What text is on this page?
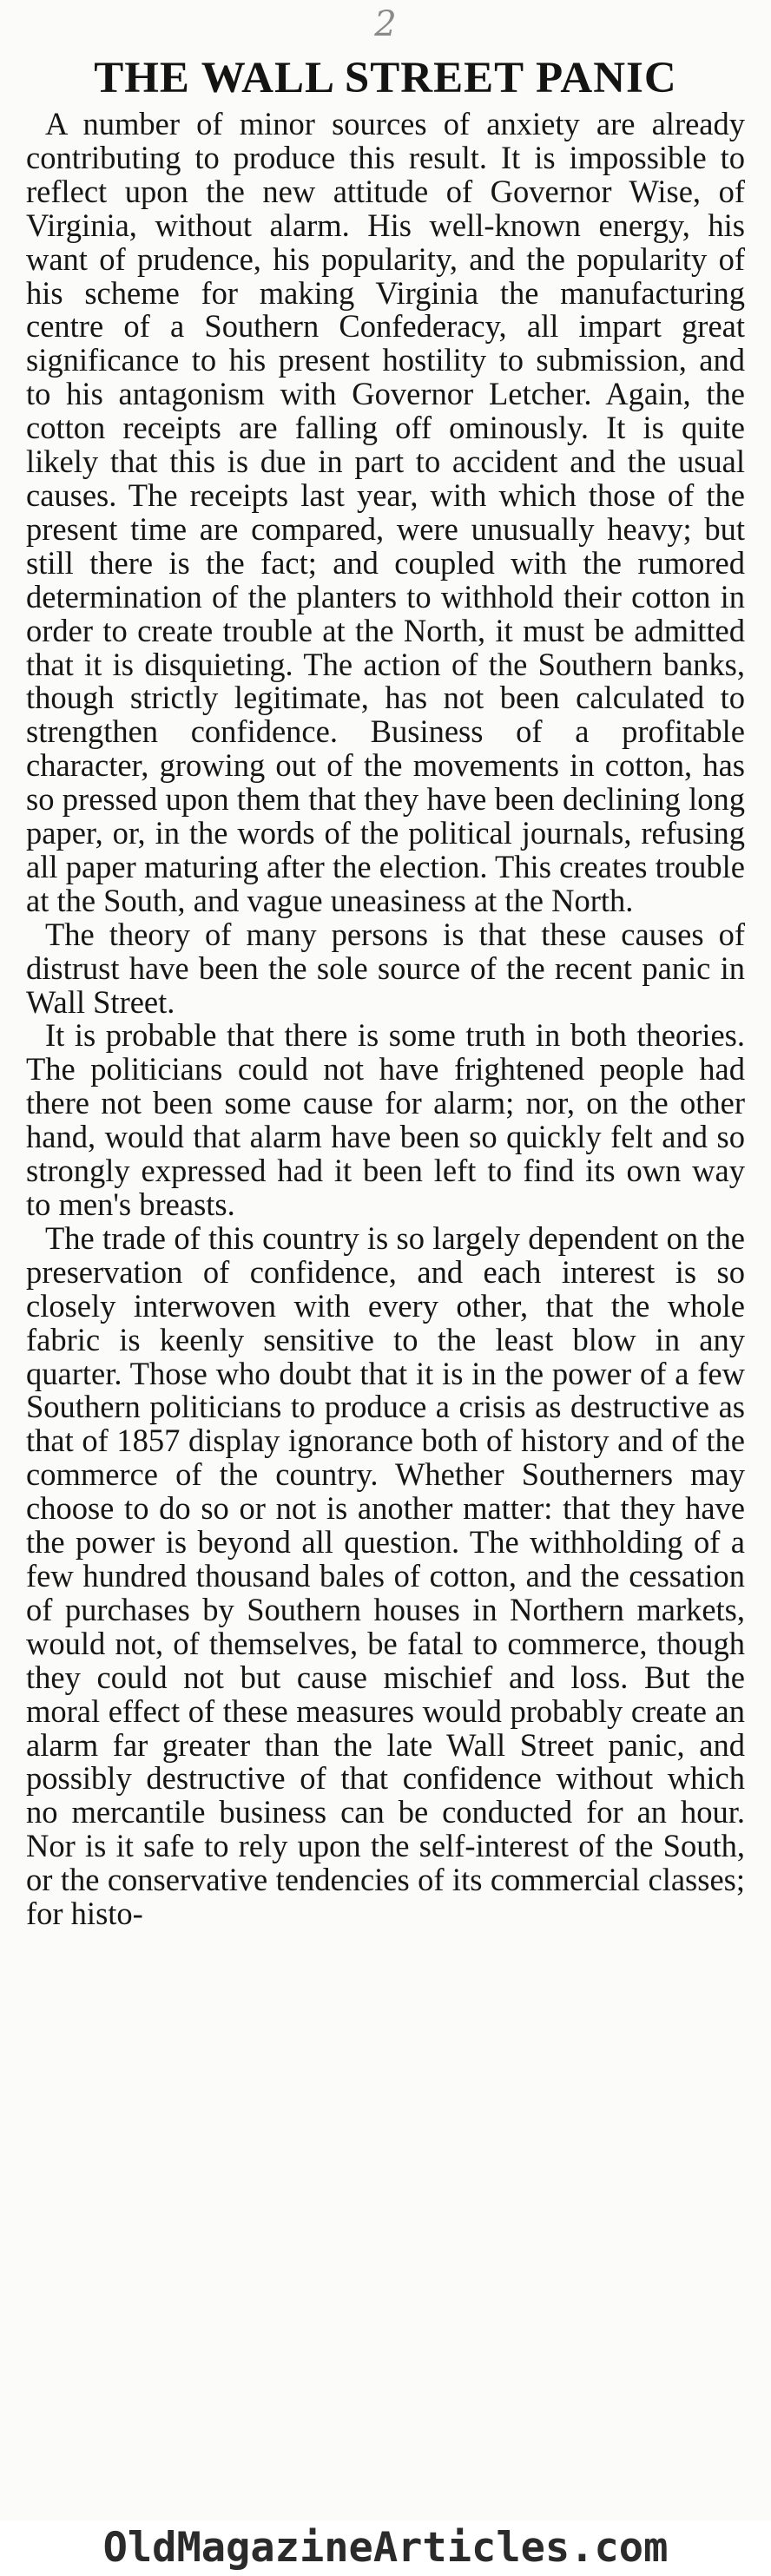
2
THE WALL STREET PANIC

A number of minor sources of anxiety are already contributing to produce this result. It is impossible to reflect upon the new attitude of Governor Wise, of Virginia, without alarm. His well-known energy, his want of prudence, his popularity, and the popularity of his scheme for making Virginia the manufacturing centre of a Southern Confederacy, all impart great significance to his present hostility to submission, and to his antagonism with Governor Letcher. Again, the cotton receipts are falling off ominously. It is quite likely that this is due in part to accident and the usual causes. The receipts last year, with which those of the present time are compared, were unusually heavy; but still there is the fact; and coupled with the rumored determination of the planters to withhold their cotton in order to create trouble at the North, it must be admitted that it is disquieting. The action of the Southern banks, though strictly legitimate, has not been calculated to strengthen confidence. Business of a profitable character, growing out of the movements in cotton, has so pressed upon them that they have been declining long paper, or, in the words of the political journals, refusing all paper maturing after the election. This creates trouble at the South, and vague uneasiness at the North.

The theory of many persons is that these causes of distrust have been the sole source of the recent panic in Wall Street.

It is probable that there is some truth in both theories. The politicians could not have frightened people had there not been some cause for alarm; nor, on the other hand, would that alarm have been so quickly felt and so strongly expressed had it been left to find its own way to men's breasts.

The trade of this country is so largely dependent on the preservation of confidence, and each interest is so closely interwoven with every other, that the whole fabric is keenly sensitive to the least blow in any quarter. Those who doubt that it is in the power of a few Southern politicians to produce a crisis as destructive as that of 1857 display ignorance both of history and of the commerce of the country. Whether Southerners may choose to do so or not is another matter: that they have the power is beyond all question. The withholding of a few hundred thousand bales of cotton, and the cessation of purchases by Southern houses in Northern markets, would not, of themselves, be fatal to commerce, though they could not but cause mischief and loss. But the moral effect of these measures would probably create an alarm far greater than the late Wall Street panic, and possibly destructive of that confidence without which no mercantile business can be conducted for an hour. Nor is it safe to rely upon the self-interest of the South, or the conservative tendencies of its commercial classes; for histo-

OldMagazineArticles.com
